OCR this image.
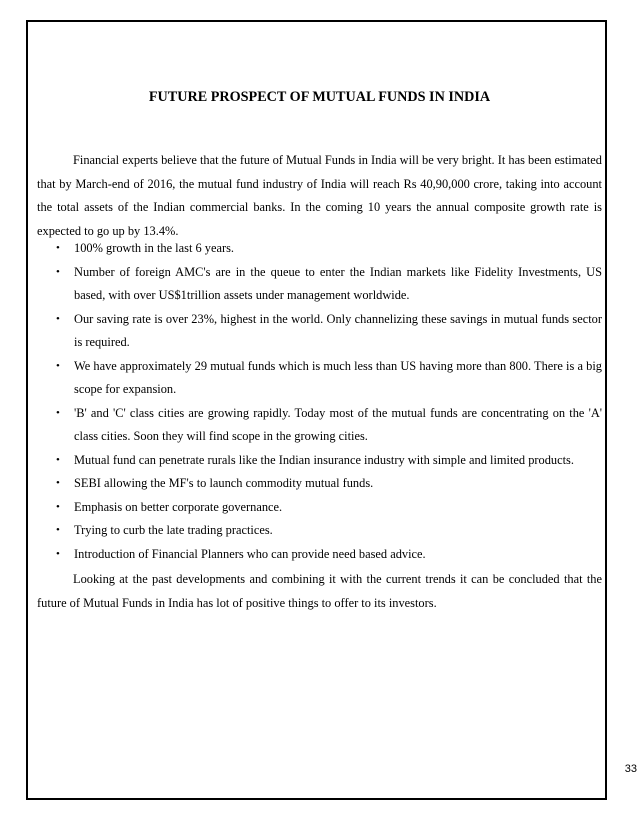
FUTURE PROSPECT OF MUTUAL FUNDS IN INDIA

Financial experts believe that the future of Mutual Funds in India will be very bright. It has been estimated that by March-end of 2016, the mutual fund industry of India will reach Rs 40,90,000 crore, taking into account the total assets of the Indian commercial banks. In the coming 10 years the annual composite growth rate is expected to go up by 13.4%.

• 100% growth in the last 6 years.
• Number of foreign AMC's are in the queue to enter the Indian markets like Fidelity Investments, US based, with over US$1trillion assets under management worldwide.
• Our saving rate is over 23%, highest in the world. Only channelizing these savings in mutual funds sector is required.
• We have approximately 29 mutual funds which is much less than US having more than 800. There is a big scope for expansion.
• 'B' and 'C' class cities are growing rapidly. Today most of the mutual funds are concentrating on the 'A' class cities. Soon they will find scope in the growing cities.
• Mutual fund can penetrate rurals like the Indian insurance industry with simple and limited products.
• SEBI allowing the MF's to launch commodity mutual funds.
• Emphasis on better corporate governance.
• Trying to curb the late trading practices.
• Introduction of Financial Planners who can provide need based advice.

Looking at the past developments and combining it with the current trends it can be concluded that the future of Mutual Funds in India has lot of positive things to offer to its investors.

33
